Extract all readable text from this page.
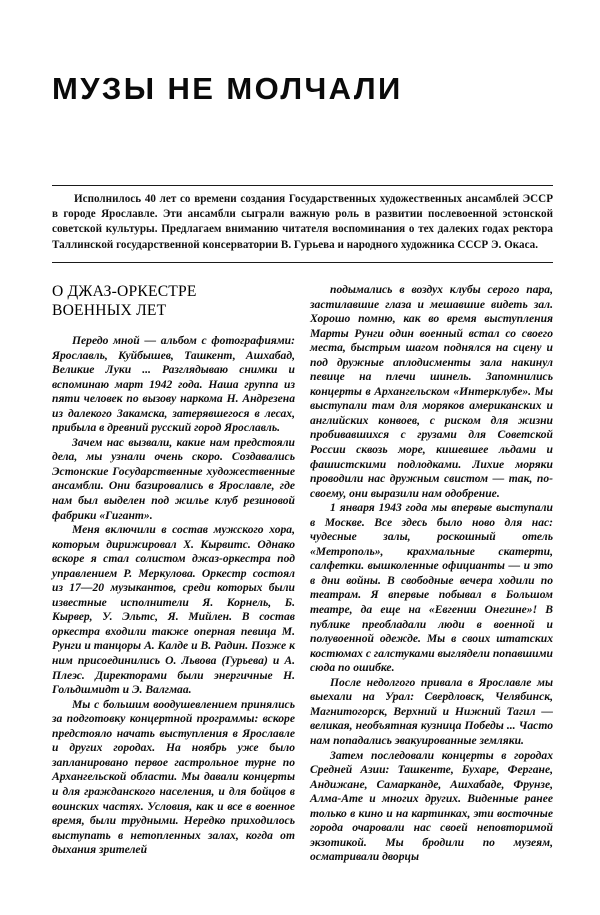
МУЗЫ НЕ МОЛЧАЛИ
Исполнилось 40 лет со времени создания Государственных художественных ансамблей ЭССР в городе Ярославле. Эти ансамбли сыграли важную роль в развитии послевоенной эстонской советской культуры. Предлагаем вниманию читателя воспоминания о тех далеких годах ректора Таллинской государственной консерватории В. Гурьева и народного художника СССР Э. Окаса.
О ДЖАЗ-ОРКЕСТРЕ
ВОЕННЫХ ЛЕТ

Передо мной — альбом с фотографиями: Ярославль, Куйбышев, Ташкент, Ашхабад, Великие Луки ... Разглядываю снимки и вспоминаю март 1942 года. Наша группа из пяти человек по вызову наркома Н. Андрезена из далекого Закамска, затерявшегося в лесах, прибыла в древний русский город Ярославль.

Зачем нас вызвали, какие нам предстояли дела, мы узнали очень скоро. Создавались Эстонские Государственные художественные ансамбли. Они базировались в Ярославле, где нам был выделен под жилье клуб резиновой фабрики «Гигант».

Меня включили в состав мужского хора, которым дирижировал Х. Кырвитс. Однако вскоре я стал солистом джаз-оркестра под управлением Р. Меркулова. Оркестр состоял из 17—20 музыкантов, среди которых были известные исполнители Я. Корнель, Б. Кырвер, У. Эльтс, Я. Мийлен. В состав оркестра входили также оперная певица М. Рунги и танцоры А. Калде и В. Радин. Позже к ним присоединились О. Львова (Гурьева) и А. Плеэс. Директорами были энергичные Н. Гольдшмидт и Э. Валгмаа.

Мы с большим воодушевлением принялись за подготовку концертной программы: вскоре предстояло начать выступления в Ярославле и других городах. На ноябрь уже было запланировано первое гастрольное турне по Архангельской области. Мы давали концерты и для гражданского населения, и для бойцов в воинских частях. Условия, как и все в военное время, были трудными. Нередко приходилось выступать в нетопленных залах, когда от дыхания зрителей

подымались в воздух клубы серого пара, застилавшие глаза и мешавшие видеть зал. Хорошо помню, как во время выступления Марты Рунги один военный встал со своего места, быстрым шагом поднялся на сцену и под дружные аплодисменты зала накинул певице на плечи шинель. Запомнились концерты в Архангельском «Интерклубе». Мы выступали там для моряков американских и английских конвоев, с риском для жизни пробивавшихся с грузами для Советской России сквозь море, кишевшее льдами и фашистскими подлодками. Лихие моряки проводили нас дружным свистом — так, по-своему, они выразили нам одобрение.

1 января 1943 года мы впервые выступали в Москве. Все здесь было ново для нас: чудесные залы, роскошный отель «Метрополь», крахмальные скатерти, салфетки. вышколенные официанты — и это в дни войны. В свободные вечера ходили по театрам. Я впервые побывал в Большом театре, да еще на «Евгении Онегине»! В публике преобладали люди в военной и полувоенной одежде. Мы в своих штатских костюмах с галстуками выглядели попавшими сюда по ошибке.

После недолгого привала в Ярославле мы выехали на Урал: Свердловск, Челябинск, Магнитогорск, Верхний и Нижний Тагил — великая, необъятная кузница Победы ... Часто нам попадались эвакуированные земляки.

Затем последовали концерты в городах Средней Азии: Ташкенте, Бухаре, Фергане, Андижане, Самарканде, Ашхабаде, Фрунзе, Алма-Ате и многих других. Виденные ранее только в кино и на картинках, эти восточные города очаровали нас своей неповторимой экзотикой. Мы бродили по музеям, осматривали дворцы
